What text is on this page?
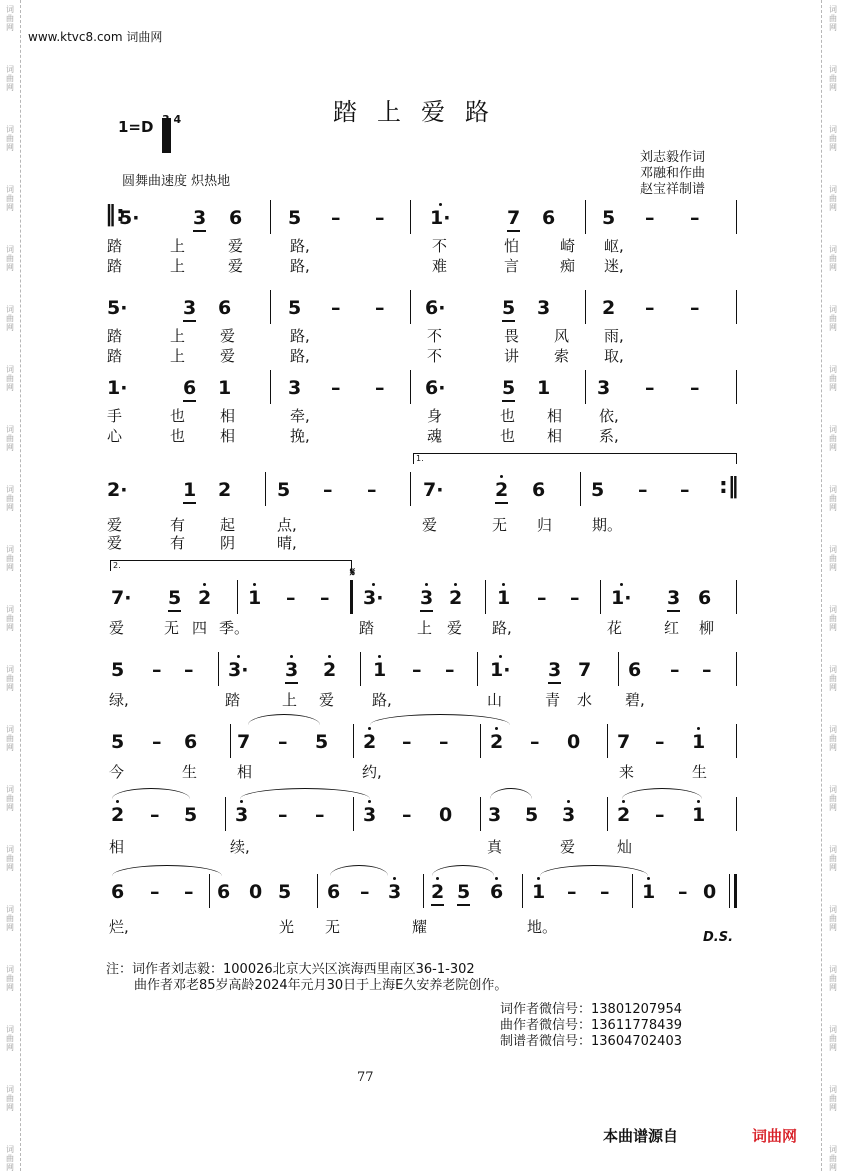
词
曲
网
词
曲
网
词
曲
网
词
曲
网
词
曲
网
词
曲
网
词
曲
网
词
曲
网
词
曲
网
词
曲
网
词
曲
网
词
曲
网
词
曲
网
词
曲
网
词
曲
网
词
曲
网
词
曲
网
词
曲
网
词
曲
网
词
曲
网
词
曲
网
词
曲
网
词
曲
网
词
曲
网
词
曲
网
词
曲
网
词
曲
网
词
曲
网
词
曲
网
词
曲
网
词
曲
网
词
曲
网
词
曲
网
词
曲
网
词
曲
网
词
曲
网
词
曲
网
词
曲
网
词
曲
网
词
曲
网
www.ktvc8.com 词曲网
踏上爱路
1=D	4
圆舞曲速度 炽热地
刘志毅作词
邓融和作曲
赵宝祥制谱
‖:
5·	3 6 5 – – 1·	7 6 5 – –
踏	上	爱	路,	不	怕	崎 岖,
踏	上	爱	路,	难	言	痴 迷,
5·	3 6	5 – – 6·	5 3	2 – –
踏	上 爱	路,	不	畏 风 雨,
踏	上 爱	路,	不	讲 索 取,
1·	6 1	3 – – 6·	5 1 3 – –
手	也 相	牵,	身	也 相 依,
心	也 相	挽,	魂	也 相 系,
1.
2·	1 2 5 – – 7·	2 6 5 – – :‖
爱	有 起	点,	爱	无 归	期。
爱	有 阴	晴,
2.	𝄋
7· 5 2 1 – – 3· 3 2 1 – – 1· 3 6
爱	无 四 季。	踏	上 爱 路,	花	红 柳
5 – – 3· 3 2 1 – – 1· 3 7 6 – –
绿,	踏	上 爱	路,	山	青 水 碧,
5 – 6 7 – 5 2 – – 2 – 0 7 – 1
今	生	相	约,	来	生
2 – 5 3 – – 3 – 0 3 5 3 2 – 1
相	续,	真	爱	灿
6 – – 6 0 5 6 – 3 2 5 6 1 – – 1 – 0
烂,	光 无	耀	地。
D.S.
注：词作者刘志毅：100026北京大兴区滨海西里南区36-1-302
曲作者邓老85岁高龄2024年元月30日于上海E久安养老院创作。
词作者微信号：13801207954
曲作者微信号：13611778439
制谱者微信号：13604702403
77
本曲谱源自	词曲网
